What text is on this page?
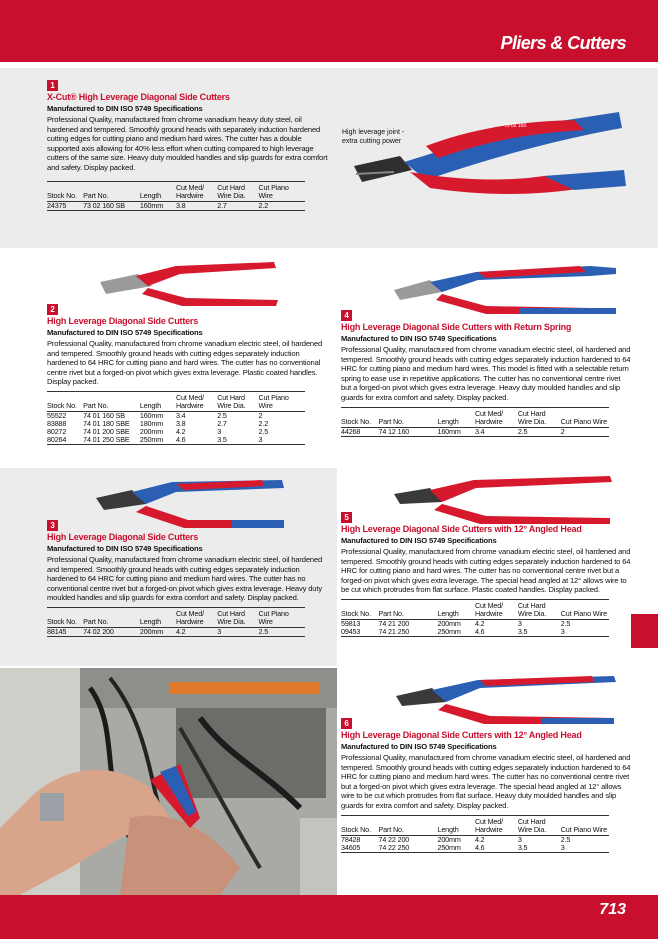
Pliers & Cutters
73 02 160
High leverage joint - extra cutting power
1
X-Cut® High Leverage Diagonal Side Cutters
Manufactured to DIN ISO 5749 Specifications
Professional Quality, manufactured from chrome vanadium heavy duty steel, oil hardened and tempered. Smoothly ground heads with separately induction hardened cutting edges for cutting piano and medium hard wires. The cutter has a double supported axis allowing for 40% less effort when cutting compared to high leverage cutters of the same size. Heavy duty moulded handles and slip guards for extra comfort and safety. Display packed.
Stock No.	Part No.	Length	Cut Med/ Hardwire	Cut Hard Wire Dia.	Cut Piano Wire
24375	73 02 160 SB	160mm	3.8	2.7	2.2
2
High Leverage Diagonal Side Cutters
Manufactured to DIN ISO 5749 Specifications
Professional Quality, manufactured from chrome vanadium electric steel, oil hardened and tempered. Smoothly ground heads with cutting edges separately induction hardened to 64 HRC for cutting piano and hard wires. The cutter has no conventional centre rivet but a forged-on pivot which gives extra leverage. Plastic coated handles. Display packed.
Stock No.	Part No.	Length	Cut Med/ Hardwire	Cut Hard Wire Dia.	Cut Piano Wire
55522	74 01 160 SB	160mm	3.4	2.5	2
83888	74 01 180 SBE	180mm	3.8	2.7	2.2
80272	74 01 200 SBE	200mm	4.2	3	2.5
80264	74 01 250 SBE	250mm	4.6	3.5	3
3
High Leverage Diagonal Side Cutters
Manufactured to DIN ISO 5749 Specifications
Professional Quality, manufactured from chrome vanadium electric steel, oil hardened and tempered. Smoothly ground heads with cutting edges separately induction hardened to 64 HRC for cutting piano and medium hard wires. The cutter has no conventional centre rivet but a forged-on pivot which gives extra leverage. Heavy duty moulded handles and slip guards for extra comfort and safety. Display packed.
Stock No.	Part No.	Length	Cut Med/ Hardwire	Cut Hard Wire Dia.	Cut Piano Wire
88145	74 02 200	200mm	4.2	3	2.5
4
High Leverage Diagonal Side Cutters with Return Spring
Manufactured to DIN ISO 5749 Specifications
Professional Quality, manufactured from chrome vanadium electric steel, oil hardened and tempered. Smoothly ground heads with cutting edges separately induction hardened to 64 HRC for cutting piano and medium hard wires. This model is fitted with a selectable return spring to ease use in repetitive applications. The cutter has no conventional centre rivet but a forged-on pivot which gives extra leverage. Heavy duty moulded handles and slip guards for extra comfort and safety. Display packed.
Stock No.	Part No.	Length	Cut Med/ Hardwire	Cut Hard Wire Dia.	Cut Piano Wire
44268	74 12 160	160mm	3.4	2.5	2
5
High Leverage Diagonal Side Cutters with 12° Angled Head
Manufactured to DIN ISO 5749 Specifications
Professional Quality, manufactured from chrome vanadium electric steel, oil hardened and tempered. Smoothly ground heads with cutting edges separately induction hardened to 64 HRC for cutting piano and hard wires. The cutter has no conventional centre rivet but a forged-on pivot which gives extra leverage. The special head angled at 12° allows wire to be cut which protrudes from flat surface. Plastic coated handles. Display packed.
Stock No.	Part No.	Length	Cut Med/ Hardwire	Cut Hard Wire Dia.	Cut Piano Wire
59813	74 21 200	200mm	4.2	3	2.5
09453	74 21 250	250mm	4.6	3.5	3
6
High Leverage Diagonal Side Cutters with 12° Angled Head
Manufactured to DIN ISO 5749 Specifications
Professional Quality, manufactured from chrome vanadium electric steel, oil hardened and tempered. Smoothly ground heads with cutting edges separately induction hardened to 64 HRC for cutting piano and medium hard wires. The cutter has no conventional centre rivet but a forged-on pivot which gives extra leverage. The special head angled at 12° allows wire to be cut which protrudes from flat surface. Heavy duty moulded handles and slip guards for extra comfort and safety. Display packed.
Stock No.	Part No.	Length	Cut Med/ Hardwire	Cut Hard Wire Dia.	Cut Piano Wire
78428	74 22 200	200mm	4.2	3	2.5
34605	74 22 250	250mm	4.6	3.5	3
713
